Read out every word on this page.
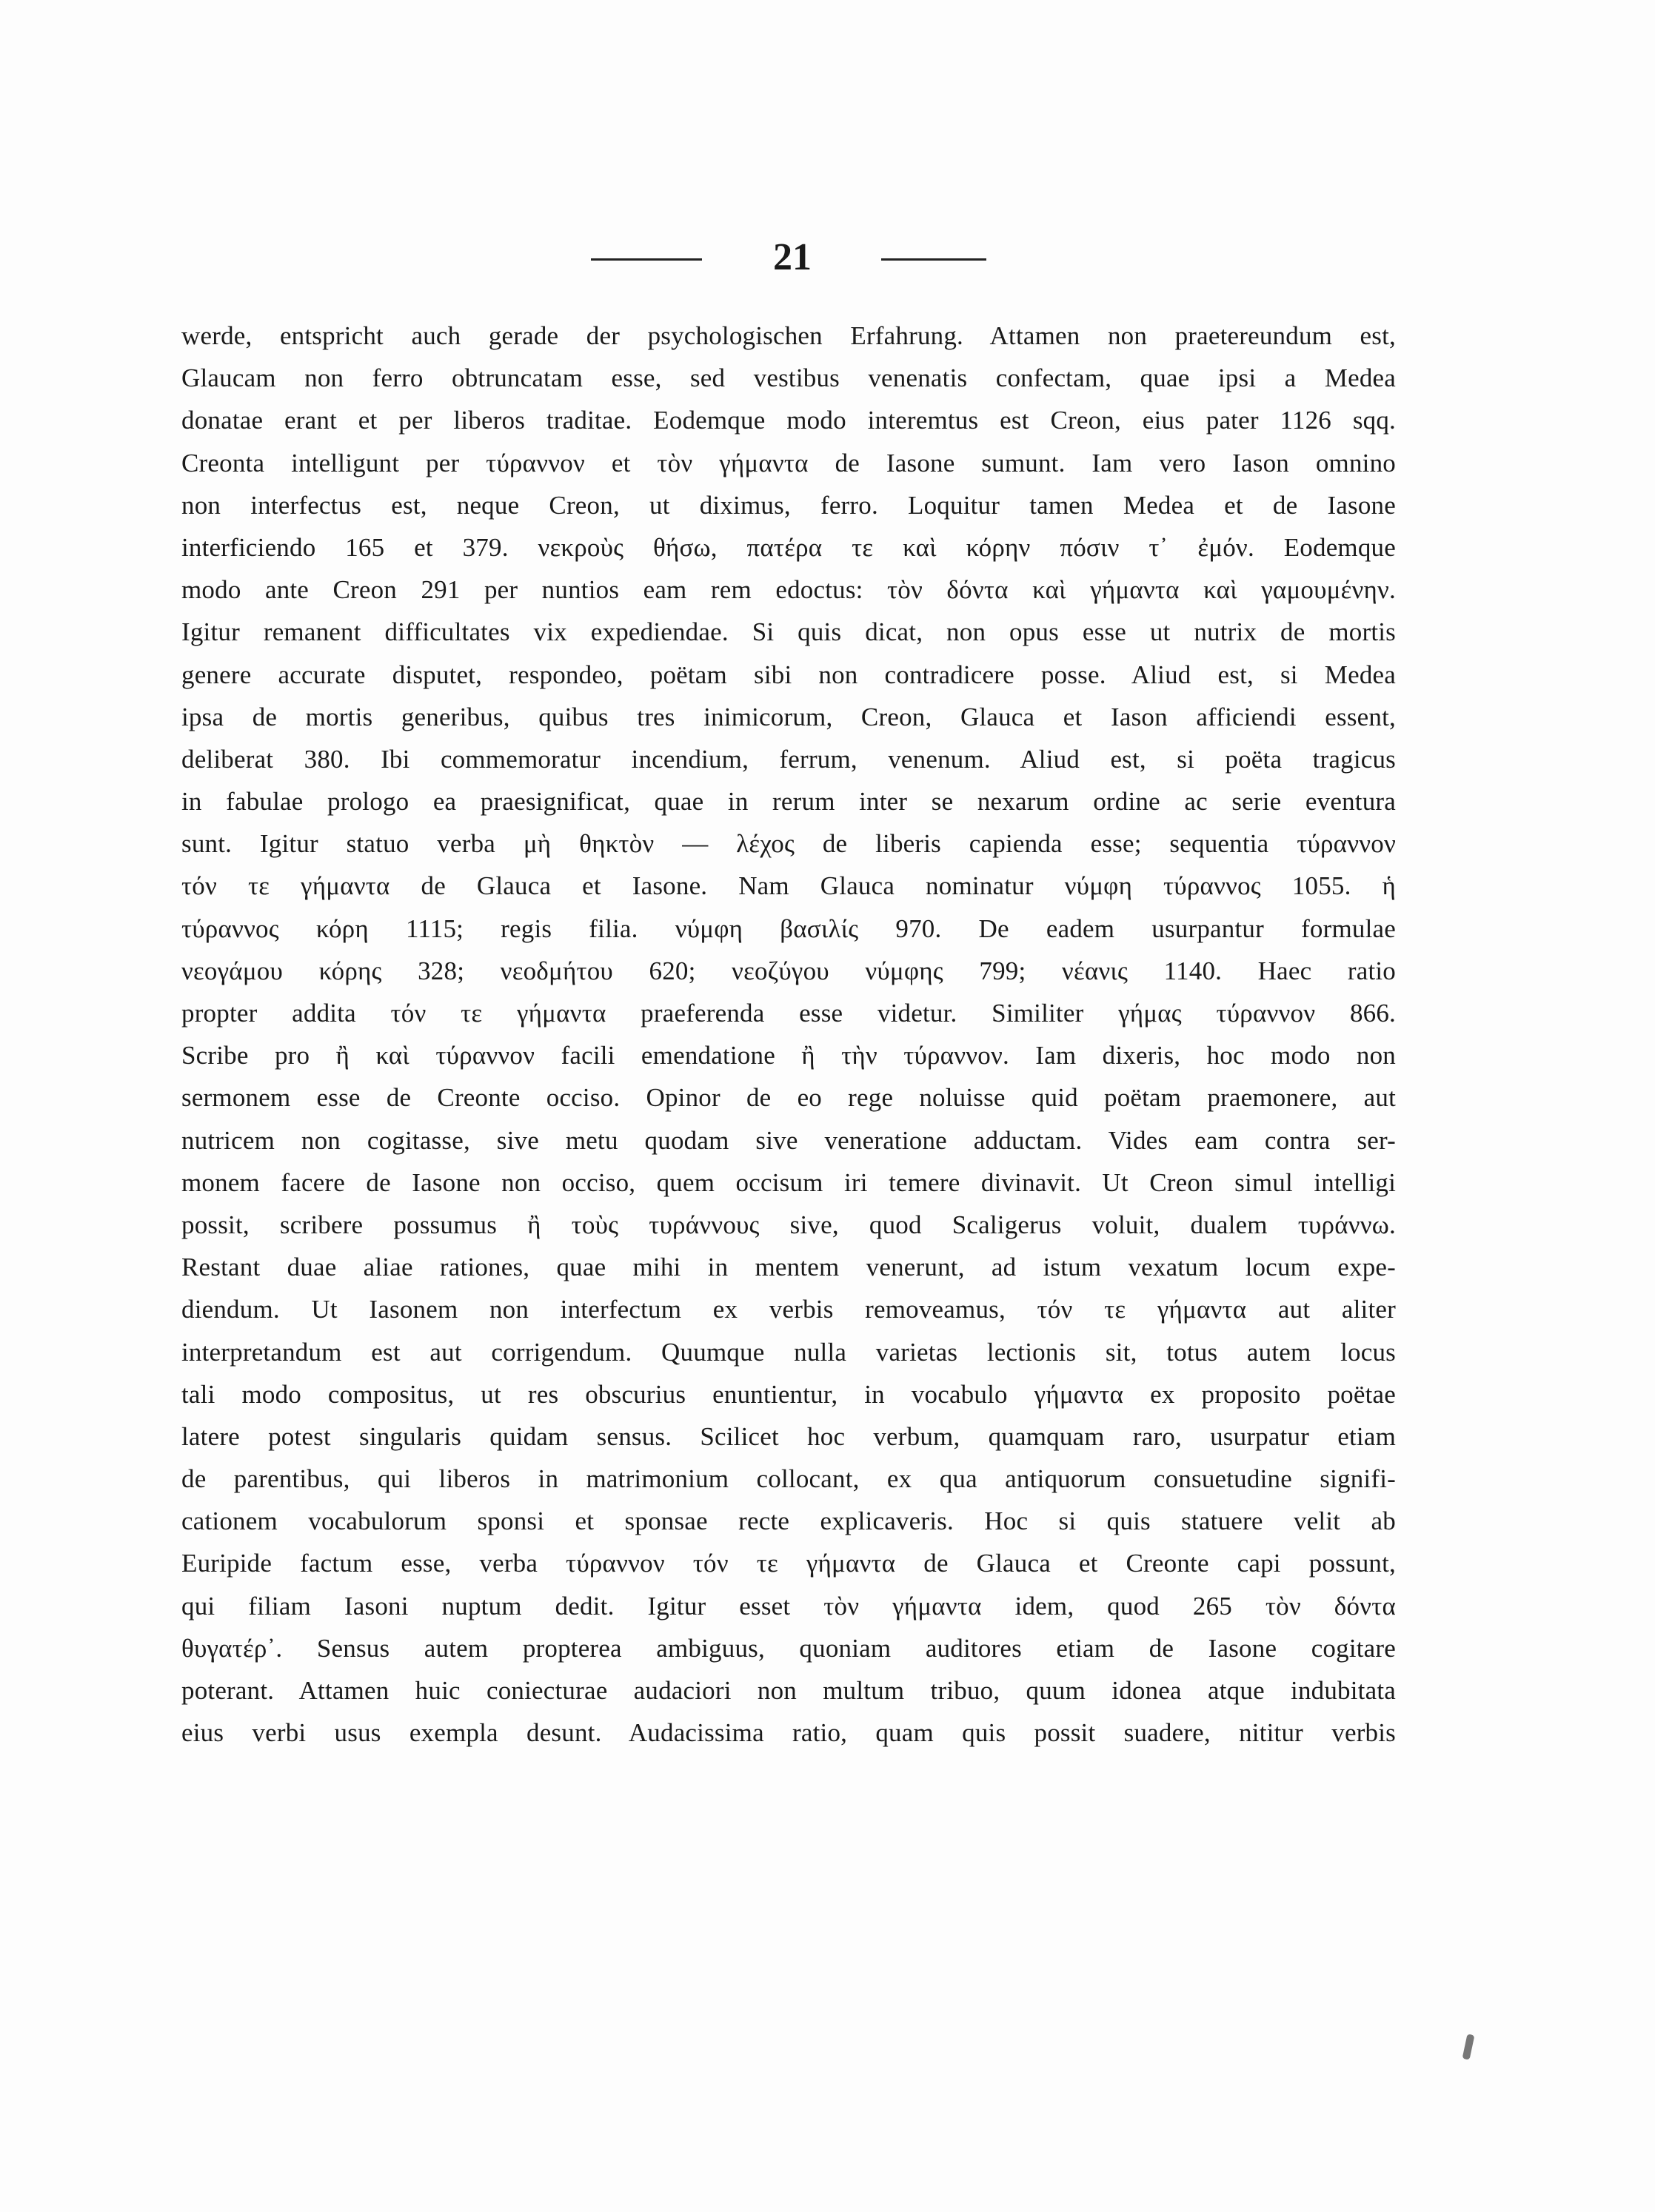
21
werde, entspricht auch gerade der psychologischen Erfahrung. Attamen non praetereundum est,
Glaucam non ferro obtruncatam esse, sed vestibus venenatis confectam, quae ipsi a Medea
donatae erant et per liberos traditae. Eodemque modo interemtus est Creon, eius pater 1126 sqq.
Creonta intelligunt per τύραννον et τὸν γήμαντα de Iasone sumunt. Iam vero Iason omnino
non interfectus est, neque Creon, ut diximus, ferro. Loquitur tamen Medea et de Iasone
interficiendo 165 et 379. νεκροὺς θήσω, πατέρα τε καὶ κόρην πόσιν τ᾽ ἐμόν. Eodemque
modo ante Creon 291 per nuntios eam rem edoctus: τὸν δόντα καὶ γήμαντα καὶ γαμουμένην.
Igitur remanent difficultates vix expediendae. Si quis dicat, non opus esse ut nutrix de mortis
genere accurate disputet, respondeo, poëtam sibi non contradicere posse. Aliud est, si Medea
ipsa de mortis generibus, quibus tres inimicorum, Creon, Glauca et Iason afficiendi essent,
deliberat 380. Ibi commemoratur incendium, ferrum, venenum. Aliud est, si poëta tragicus
in fabulae prologo ea praesignificat, quae in rerum inter se nexarum ordine ac serie eventura
sunt. Igitur statuo verba μὴ θηκτὸν — λέχος de liberis capienda esse; sequentia τύραννον
τόν τε γήμαντα de Glauca et Iasone. Nam Glauca nominatur νύμφη τύραννος 1055. ἡ
τύραννος κόρη 1115; regis filia. νύμφη βασιλίς 970. De eadem usurpantur formulae
νεογάμου κόρης 328; νεοδμήτου 620; νεοζύγου νύμφης 799; νέανις 1140. Haec ratio
propter addita τόν τε γήμαντα praeferenda esse videtur. Similiter γήμας τύραννον 866.
Scribe pro ἢ καὶ τύραννον facili emendatione ἢ τὴν τύραννον. Iam dixeris, hoc modo non
sermonem esse de Creonte occiso. Opinor de eo rege noluisse quid poëtam praemonere, aut
nutricem non cogitasse, sive metu quodam sive veneratione adductam. Vides eam contra ser-
monem facere de Iasone non occiso, quem occisum iri temere divinavit. Ut Creon simul intelligi
possit, scribere possumus ἢ τοὺς τυράννους sive, quod Scaligerus voluit, dualem τυράννω.
Restant duae aliae rationes, quae mihi in mentem venerunt, ad istum vexatum locum expe-
diendum. Ut Iasonem non interfectum ex verbis removeamus, τόν τε γήμαντα aut aliter
interpretandum est aut corrigendum. Quumque nulla varietas lectionis sit, totus autem locus
tali modo compositus, ut res obscurius enuntientur, in vocabulo γήμαντα ex proposito poëtae
latere potest singularis quidam sensus. Scilicet hoc verbum, quamquam raro, usurpatur etiam
de parentibus, qui liberos in matrimonium collocant, ex qua antiquorum consuetudine signifi-
cationem vocabulorum sponsi et sponsae recte explicaveris. Hoc si quis statuere velit ab
Euripide factum esse, verba τύραννον τόν τε γήμαντα de Glauca et Creonte capi possunt,
qui filiam Iasoni nuptum dedit. Igitur esset τὸν γήμαντα idem, quod 265 τὸν δόντα
θυγατέρ᾽. Sensus autem propterea ambiguus, quoniam auditores etiam de Iasone cogitare
poterant. Attamen huic coniecturae audaciori non multum tribuo, quum idonea atque indubitata
eius verbi usus exempla desunt. Audacissima ratio, quam quis possit suadere, nititur verbis
